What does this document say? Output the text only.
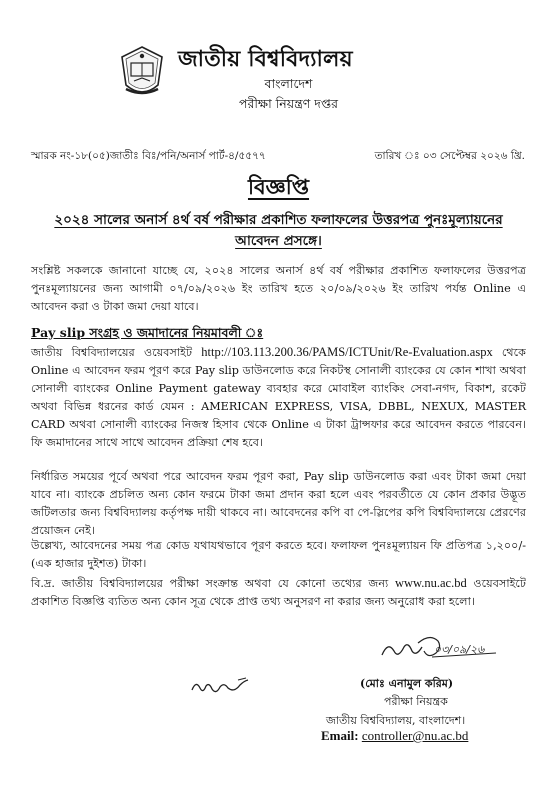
জাতীয় বিশ্ববিদ্যালয়
বাংলাদেশ
পরীক্ষা নিয়ন্ত্রণ দপ্তর
স্মারক নং-১৮(০৫)জাতীঃ বিঃ/পনি/অনার্স পার্ট-৪/৫৫৭৭	তারিখ ঃ ০৩ সেপ্টেম্বর ২০২৬ খ্রি.
বিজ্ঞপ্তি
২০২৪ সালের অনার্স ৪র্থ বর্ষ পরীক্ষার প্রকাশিত ফলাফলের উত্তরপত্র পুনঃমূল্যায়নের আবেদন প্রসঙ্গে।
সংশ্লিষ্ট সকলকে জানানো যাচ্ছে যে, ২০২৪ সালের অনার্স ৪র্থ বর্ষ পরীক্ষার প্রকাশিত ফলাফলের উত্তরপত্র পুনঃমূল্যায়নের জন্য আগামী ০৭/০৯/২০২৬ ইং তারিখ হতে ২০/০৯/২০২৬ ইং তারিখ পর্যন্ত Online এ আবেদন করা ও টাকা জমা দেয়া যাবে।
Pay slip সংগ্রহ ও জমাদানের নিয়মাবলী ঃ
জাতীয় বিশ্ববিদ্যালয়ের ওয়েবসাইট http://103.113.200.36/PAMS/ICTUnit/Re-Evaluation.aspx থেকে Online এ আবেদন ফরম পূরণ করে Pay slip ডাউনলোড করে নিকটস্থ সোনালী ব্যাংকের যে কোন শাখা অথবা সোনালী ব্যাংকের Online Payment gateway ব্যবহার করে মোবাইল ব্যাংকিং সেবা-নগদ, বিকাশ, রকেট অথবা বিভিন্ন ধরনের কার্ড যেমন : AMERICAN EXPRESS, VISA, DBBL, NEXUX, MASTER CARD অথবা সোনালী ব্যাংকের নিজস্ব হিসাব থেকে Online এ টাকা ট্রান্সফার করে আবেদন করতে পারবেন। ফি জমাদানের সাথে সাথে আবেদন প্রক্রিয়া শেষ হবে।
নির্ধারিত সময়ের পূর্বে অথবা পরে আবেদন ফরম পূরণ করা, Pay slip ডাউনলোড করা এবং টাকা জমা দেয়া যাবে না। ব্যাংকে প্রচলিত অন্য কোন ফরমে টাকা জমা প্রদান করা হলে এবং পরবর্তীতে যে কোন প্রকার উদ্ভূত জটিলতার জন্য বিশ্ববিদ্যালয় কর্তৃপক্ষ দায়ী থাকবে না। আবেদনের কপি বা পে-স্লিপের কপি বিশ্ববিদ্যালয়ে প্রেরণের প্রয়োজন নেই।
উল্লেখ্য, আবেদনের সময় পত্র কোড যথাযথভাবে পূরণ করতে হবে। ফলাফল পুনঃমূল্যায়ন ফি প্রতিপত্র ১,২০০/-(এক হাজার দুইশত) টাকা।
বি.দ্র. জাতীয় বিশ্ববিদ্যালয়ের পরীক্ষা সংক্রান্ত অথবা যে কোনো তথ্যের জন্য www.nu.ac.bd ওয়েবসাইটে প্রকাশিত বিজ্ঞপ্তি ব্যতিত অন্য কোন সূত্র থেকে প্রাপ্ত তথ্য অনুসরণ না করার জন্য অনুরোধ করা হলো।
০৩/০৯/২৬
(মোঃ এনামুল করিম)
পরীক্ষা নিয়ন্ত্রক
জাতীয় বিশ্ববিদ্যালয়, বাংলাদেশ।
Email: controller@nu.ac.bd
